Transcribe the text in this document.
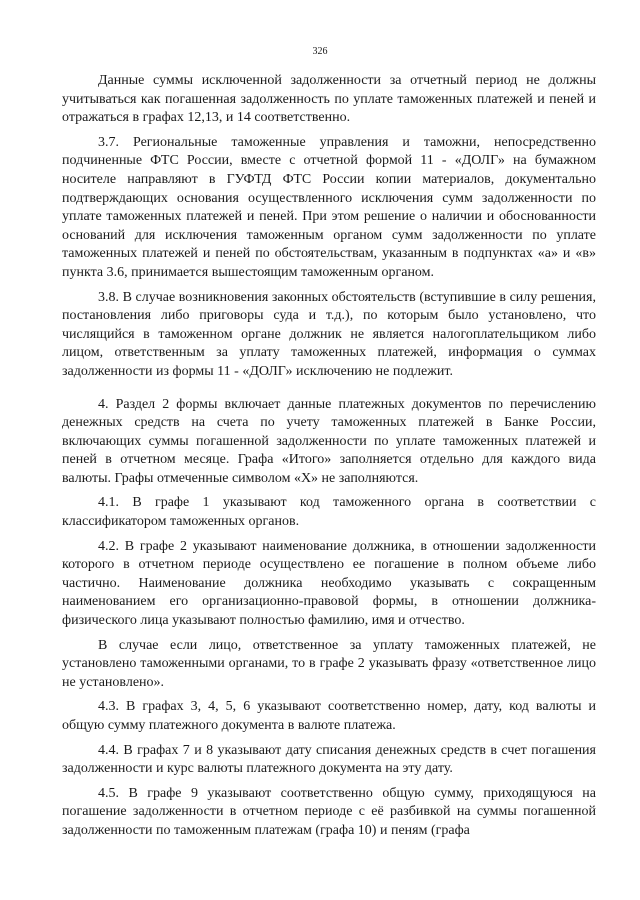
326

Данные суммы исключенной задолженности за отчетный период не должны учитываться как погашенная задолженность по уплате таможенных платежей и пеней и отражаться в графах 12,13, и 14 соответственно.

3.7. Региональные таможенные управления и таможни, непосредственно подчиненные ФТС России, вместе с отчетной формой 11 - «ДОЛГ» на бумажном носителе направляют в ГУФТД ФТС России копии материалов, документально подтверждающих основания осуществленного исключения сумм задолженности по уплате таможенных платежей и пеней. При этом решение о наличии и обоснованности оснований для исключения таможенным органом сумм задолженности по уплате таможенных платежей и пеней по обстоятельствам, указанным в подпунктах «а» и «в» пункта 3.6, принимается вышестоящим таможенным органом.

3.8. В случае возникновения законных обстоятельств (вступившие в силу решения, постановления либо приговоры суда и т.д.), по которым было установлено, что числящийся в таможенном органе должник не является налогоплательщиком либо лицом, ответственным за уплату таможенных платежей, информация о суммах задолженности из формы 11 - «ДОЛГ» исключению не подлежит.

4. Раздел 2 формы включает данные платежных документов по перечислению денежных средств на счета по учету таможенных платежей в Банке России, включающих суммы погашенной задолженности по уплате таможенных платежей и пеней в отчетном месяце. Графа «Итого» заполняется отдельно для каждого вида валюты. Графы отмеченные символом «X» не заполняются.

4.1. В графе 1 указывают код таможенного органа в соответствии с классификатором таможенных органов.

4.2. В графе 2 указывают наименование должника, в отношении задолженности которого в отчетном периоде осуществлено ее погашение в полном объеме либо частично. Наименование должника необходимо указывать с сокращенным наименованием его организационно-правовой формы, в отношении должника-физического лица указывают полностью фамилию, имя и отчество.

В случае если лицо, ответственное за уплату таможенных платежей, не установлено таможенными органами, то в графе 2 указывать фразу «ответственное лицо не установлено».

4.3. В графах 3, 4, 5, 6 указывают соответственно номер, дату, код валюты и общую сумму платежного документа в валюте платежа.

4.4. В графах 7 и 8 указывают дату списания денежных средств в счет погашения задолженности и курс валюты платежного документа на эту дату.

4.5. В графе 9 указывают соответственно общую сумму, приходящуюся на погашение задолженности в отчетном периоде с её разбивкой на суммы погашенной задолженности по таможенным платежам (графа 10) и пеням (графа
